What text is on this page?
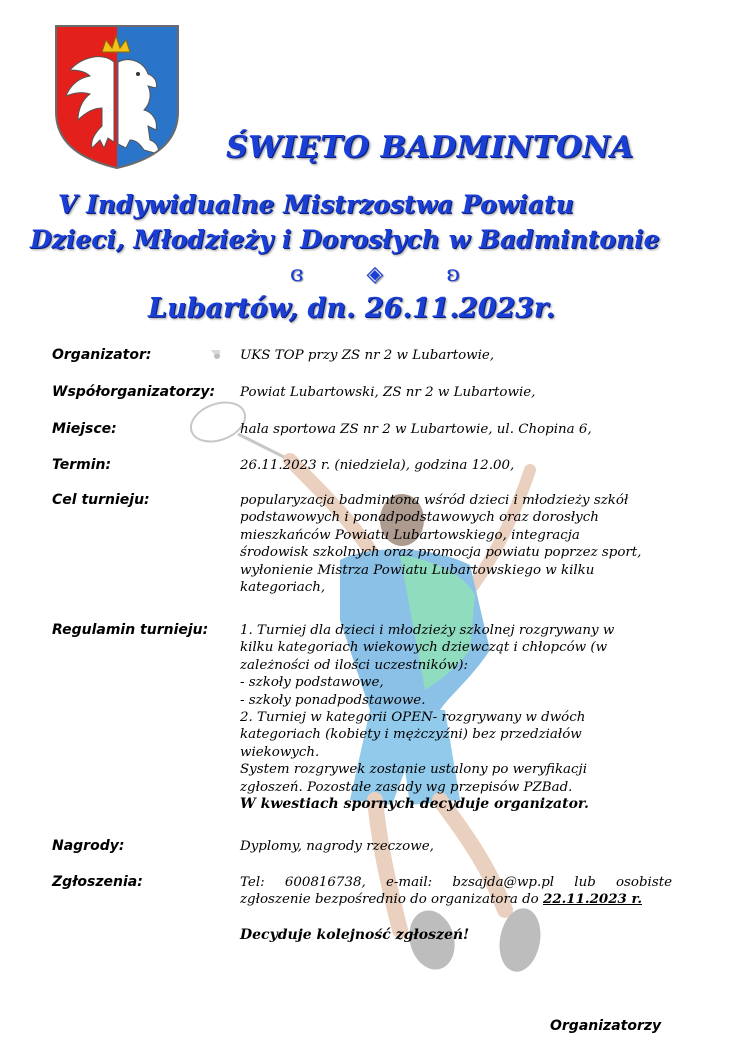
ŚWIĘTO BADMINTONA
V Indywidualne Mistrzostwa Powiatu
Dzieci, Młodzieży i Dorosłych w Badmintonie
ɞ	◈	ʚ
Lubartów, dn. 26.11.2023r.
Organizator:	UKS TOP przy ZS nr 2 w Lubartowie,
Współorganizatorzy: Powiat Lubartowski, ZS nr 2 w Lubartowie,
Miejsce:	hala sportowa ZS nr 2 w Lubartowie, ul. Chopina 6,
Termin:	26.11.2023 r. (niedziela), godzina 12.00,
Cel turnieju:	popularyzacja badmintona wśród dzieci i młodzieży szkół
podstawowych i ponadpodstawowych oraz dorosłych
mieszkańców Powiatu Lubartowskiego, integracja
środowisk szkolnych oraz promocja powiatu poprzez sport,
wyłonienie Mistrza Powiatu Lubartowskiego w kilku
kategoriach,
Regulamin turnieju: 1. Turniej dla dzieci i młodzieży szkolnej rozgrywany w
kilku kategoriach wiekowych dziewcząt i chłopców (w
zależności od ilości uczestników):
- szkoły podstawowe,
- szkoły ponadpodstawowe.
2. Turniej w kategorii OPEN- rozgrywany w dwóch
kategoriach (kobiety i mężczyźni) bez przedziałów
wiekowych.
System rozgrywek zostanie ustalony po weryfikacji
zgłoszeń. Pozostałe zasady wg przepisów PZBad.
W kwestiach spornych decyduje organizator.
Nagrody:	Dyplomy, nagrody rzeczowe,
Zgłoszenia:	Tel: 600816738, e-mail: bzsajda@wp.pl lub osobiste
zgłoszenie bezpośrednio do organizatora do 22.11.2023 r.
Decyduje kolejność zgłoszeń!
Organizatorzy
